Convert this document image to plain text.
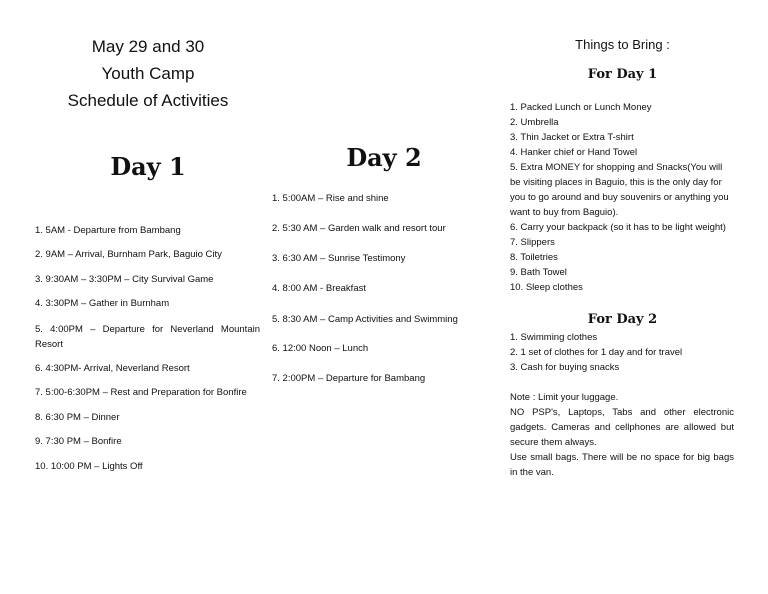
May 29 and 30
Youth Camp
Schedule of Activities
Day 1
1. 5AM - Departure from Bambang
2. 9AM – Arrival, Burnham Park, Baguio City
3. 9:30AM – 3:30PM – City Survival Game
4. 3:30PM – Gather in Burnham
5. 4:00PM – Departure for Neverland Mountain Resort
6. 4:30PM- Arrival, Neverland Resort
7. 5:00-6:30PM – Rest and Preparation for Bonfire
8. 6:30 PM – Dinner
9. 7:30 PM – Bonfire
10. 10:00 PM – Lights Off
Day 2
1. 5:00AM – Rise and shine
2. 5:30 AM – Garden walk and resort tour
3. 6:30 AM – Sunrise Testimony
4. 8:00 AM - Breakfast
5. 8:30 AM – Camp Activities and Swimming
6. 12:00 Noon – Lunch
7. 2:00PM – Departure for Bambang
Things to Bring :
For Day 1
1. Packed Lunch or Lunch Money
2. Umbrella
3. Thin Jacket or Extra T-shirt
4. Hanker chief or Hand Towel
5. Extra MONEY for shopping and Snacks(You will be visiting places in Baguio, this is the only day for you to go around and buy souvenirs or anything you want to buy from Baguio).
6. Carry your backpack (so it has to be light weight)
7. Slippers
8. Toiletries
9. Bath Towel
10. Sleep clothes
For Day 2
1. Swimming clothes
2. 1 set of clothes for 1 day and for travel
3. Cash for buying snacks
Note : Limit your luggage.
NO PSP's, Laptops, Tabs and other electronic gadgets. Cameras and cellphones are allowed but secure them always.
Use small bags. There will be no space for big bags in the van.
